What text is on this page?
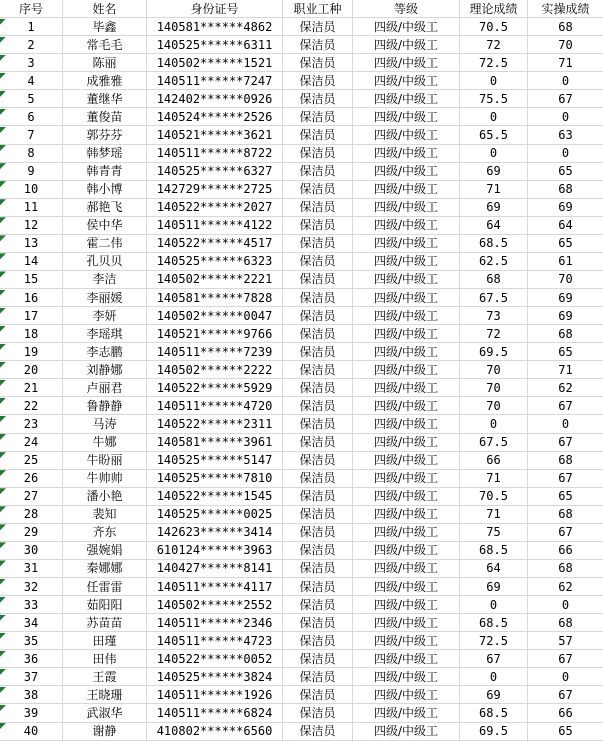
序号	姓名	身份证号	职业工种	等级	理论成绩	实操成绩
1	毕鑫	140581******4862 保洁员	四级/中级工	70.5	68
2	常毛毛	140525******6311 保洁员	四级/中级工	72	70
3	陈丽	140502******1521 保洁员	四级/中级工	72.5	71
4	成雅雅	140511******7247 保洁员	四级/中级工	0	0
5	董继华	142402******0926 保洁员	四级/中级工	75.5	67
6	董俊苗	140524******2526 保洁员	四级/中级工	0	0
7	郭芬芬	140521******3621 保洁员	四级/中级工	65.5	63
8	韩梦瑶	140511******8722 保洁员	四级/中级工	0	0
9	韩青青	140525******6327 保洁员	四级/中级工	69	65
10	韩小博	142729******2725 保洁员	四级/中级工	71	68
11	郝艳飞	140522******2027 保洁员	四级/中级工	69	69
12	侯中华	140511******4122 保洁员	四级/中级工	64	64
13	霍二伟	140522******4517 保洁员	四级/中级工	68.5	65
14	孔贝贝	140525******6323 保洁员	四级/中级工	62.5	61
15	李洁	140502******2221 保洁员	四级/中级工	68	70
16	李丽媛	140581******7828 保洁员	四级/中级工	67.5	69
17	李妍	140502******0047 保洁员	四级/中级工	73	69
18	李瑶琪	140521******9766 保洁员	四级/中级工	72	68
19	李志鹏	140511******7239 保洁员	四级/中级工	69.5	65
20	刘静娜	140502******2222 保洁员	四级/中级工	70	71
21	卢丽君	140522******5929 保洁员	四级/中级工	70	62
22	鲁静静	140511******4720 保洁员	四级/中级工	70	67
23	马涛	140522******2311 保洁员	四级/中级工	0	0
24	牛娜	140581******3961 保洁员	四级/中级工	67.5	67
25	牛盼丽	140525******5147 保洁员	四级/中级工	66	68
26	牛帅帅	140525******7810 保洁员	四级/中级工	71	67
27	潘小艳	140522******1545 保洁员	四级/中级工	70.5	65
28	裴知	140525******0025 保洁员	四级/中级工	71	68
29	齐东	142623******3414 保洁员	四级/中级工	75	67
30	强婉娟	610124******3963 保洁员	四级/中级工	68.5	66
31	秦娜娜	140427******8141 保洁员	四级/中级工	64	68
32	任雷雷	140511******4117 保洁员	四级/中级工	69	62
33	茹阳阳	140502******2552 保洁员	四级/中级工	0	0
34	苏苗苗	140511******2346 保洁员	四级/中级工	68.5	68
35	田瑾	140511******4723 保洁员	四级/中级工	72.5	57
36	田伟	140522******0052 保洁员	四级/中级工	67	67
37	王霞	140525******3824 保洁员	四级/中级工	0	0
38	王晓珊	140511******1926 保洁员	四级/中级工	69	67
39	武淑华	140511******6824 保洁员	四级/中级工	68.5	66
40	谢静	410802******6560 保洁员	四级/中级工	69.5	65
